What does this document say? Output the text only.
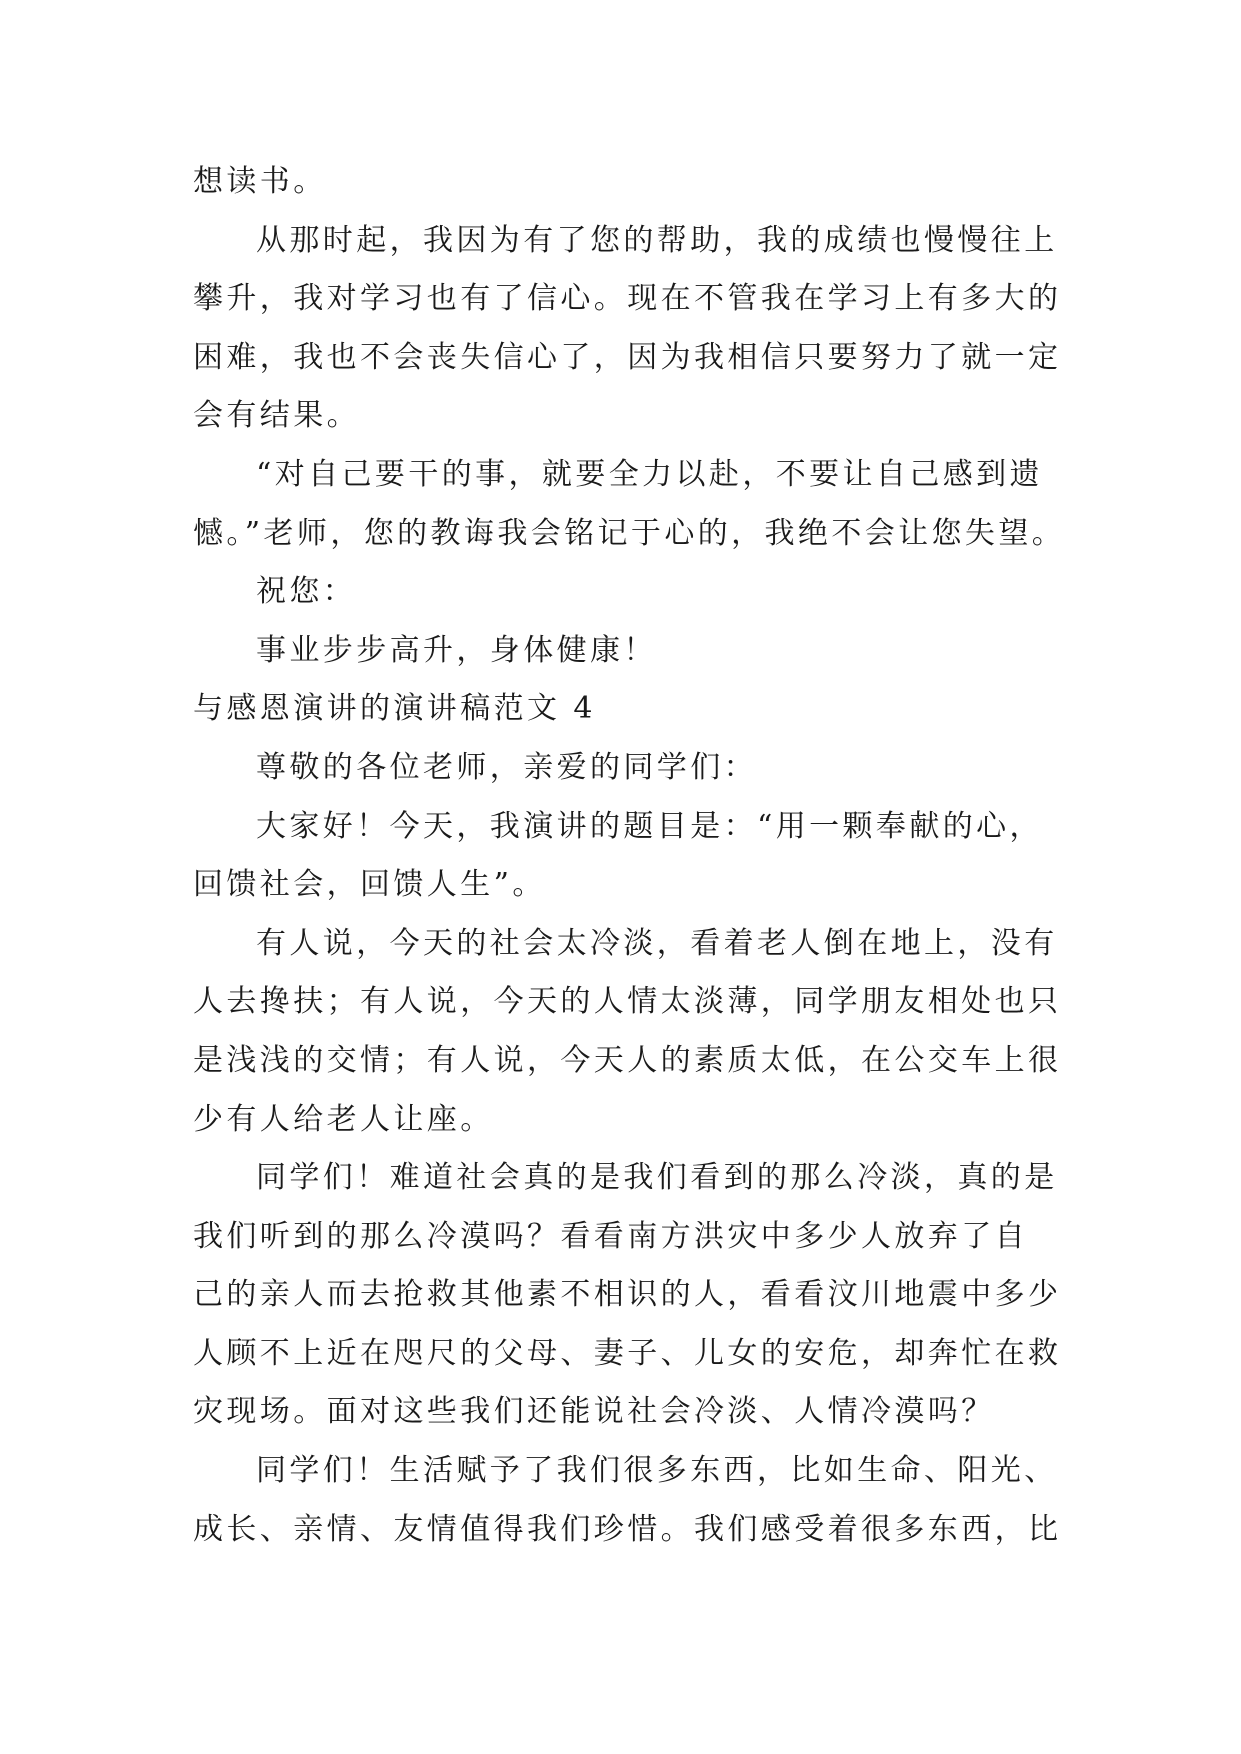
想读书。
从那时起，我因为有了您的帮助，我的成绩也慢慢往上
攀升，我对学习也有了信心。现在不管我在学习上有多大的
困难，我也不会丧失信心了，因为我相信只要努力了就一定
会有结果。
“对自己要干的事，就要全力以赴，不要让自己感到遗
憾。”老师，您的教诲我会铭记于心的，我绝不会让您失望。
祝您：
事业步步高升，身体健康！
与感恩演讲的演讲稿范文 4
尊敬的各位老师，亲爱的同学们：
大家好！今天，我演讲的题目是：“用一颗奉献的心，
回馈社会，回馈人生”。
有人说，今天的社会太冷淡，看着老人倒在地上，没有
人去搀扶；有人说，今天的人情太淡薄，同学朋友相处也只
是浅浅的交情；有人说，今天人的素质太低，在公交车上很
少有人给老人让座。
同学们！难道社会真的是我们看到的那么冷淡，真的是
我们听到的那么冷漠吗？看看南方洪灾中多少人放弃了自
己的亲人而去抢救其他素不相识的人，看看汶川地震中多少
人顾不上近在咫尺的父母、妻子、儿女的安危，却奔忙在救
灾现场。面对这些我们还能说社会冷淡、人情冷漠吗？
同学们！生活赋予了我们很多东西，比如生命、阳光、
成长、亲情、友情值得我们珍惜。我们感受着很多东西，比
